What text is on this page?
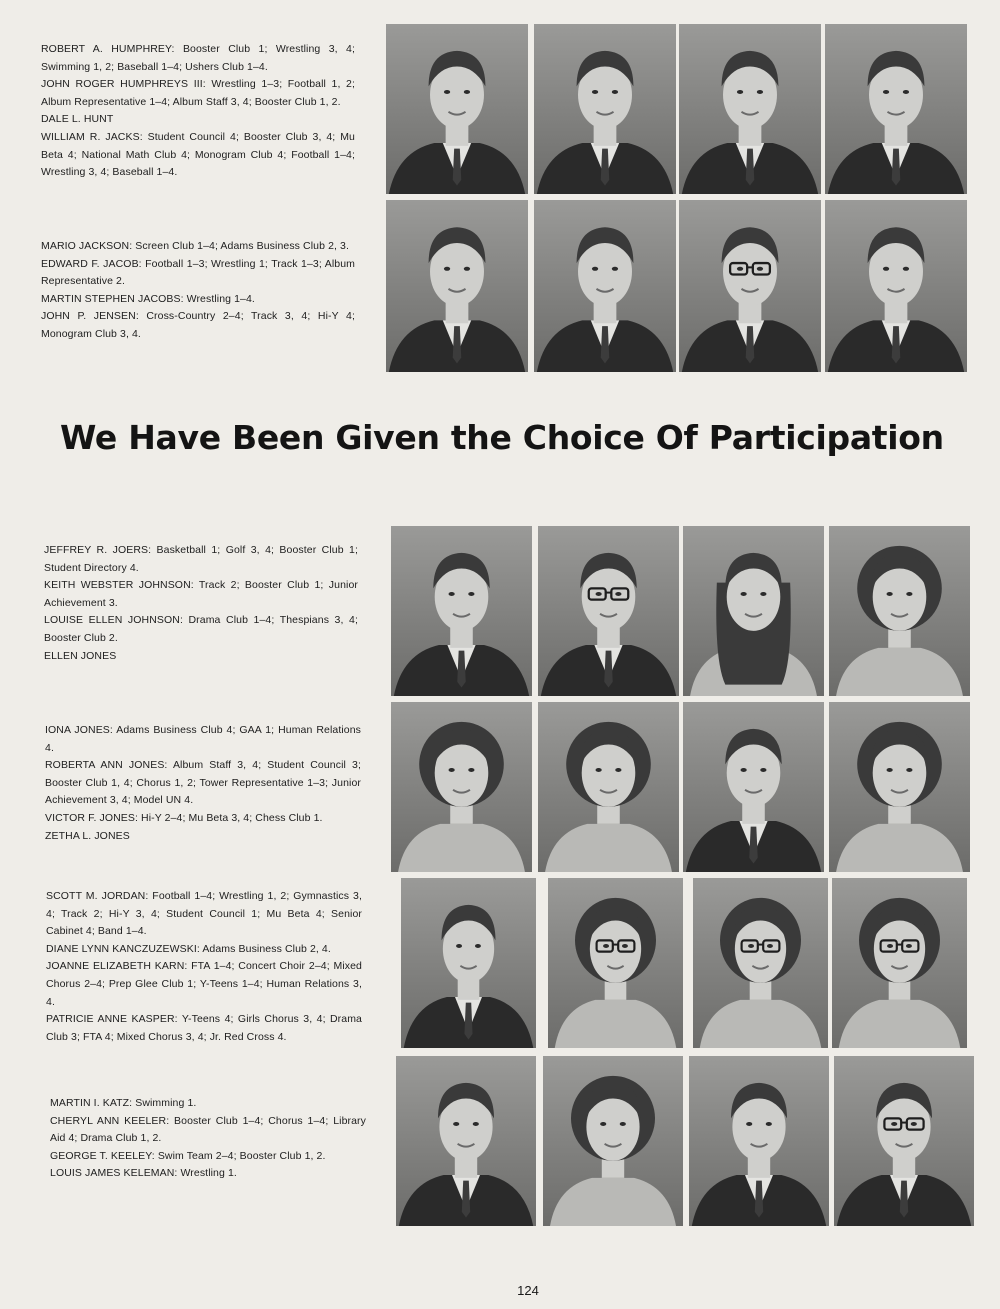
ROBERT A. HUMPHREY: Booster Club 1; Wrestling 3, 4; Swimming 1, 2; Baseball 1–4; Ushers Club 1–4.

JOHN ROGER HUMPHREYS III: Wrestling 1–3; Football 1, 2; Album Representative 1–4; Album Staff 3, 4; Booster Club 1, 2.

DALE L. HUNT

WILLIAM R. JACKS: Student Council 4; Booster Club 3, 4; Mu Beta 4; National Math Club 4; Monogram Club 4; Football 1–4; Wrestling 3, 4; Baseball 1–4.

MARIO JACKSON: Screen Club 1–4; Adams Business Club 2, 3.

EDWARD F. JACOB: Football 1–3; Wrestling 1; Track 1–3; Album Representative 2.

MARTIN STEPHEN JACOBS: Wrestling 1–4.

JOHN P. JENSEN: Cross-Country 2–4; Track 3, 4; Hi-Y 4; Monogram Club 3, 4.

We Have Been Given the Choice Of Participation

JEFFREY R. JOERS: Basketball 1; Golf 3, 4; Booster Club 1; Student Directory 4.

KEITH WEBSTER JOHNSON: Track 2; Booster Club 1; Junior Achievement 3.

LOUISE ELLEN JOHNSON: Drama Club 1–4; Thespians 3, 4; Booster Club 2.

ELLEN JONES

IONA JONES: Adams Business Club 4; GAA 1; Human Relations 4.

ROBERTA ANN JONES: Album Staff 3, 4; Student Council 3; Booster Club 1, 4; Chorus 1, 2; Tower Representative 1–3; Junior Achievement 3, 4; Model UN 4.

VICTOR F. JONES: Hi-Y 2–4; Mu Beta 3, 4; Chess Club 1.

ZETHA L. JONES

SCOTT M. JORDAN: Football 1–4; Wrestling 1, 2; Gymnastics 3, 4; Track 2; Hi-Y 3, 4; Student Council 1; Mu Beta 4; Senior Cabinet 4; Band 1–4.

DIANE LYNN KANCZUZEWSKI: Adams Business Club 2, 4.

JOANNE ELIZABETH KARN: FTA 1–4; Concert Choir 2–4; Mixed Chorus 2–4; Prep Glee Club 1; Y-Teens 1–4; Human Relations 3, 4.

PATRICIE ANNE KASPER: Y-Teens 4; Girls Chorus 3, 4; Drama Club 3; FTA 4; Mixed Chorus 3, 4; Jr. Red Cross 4.

MARTIN I. KATZ: Swimming 1.

CHERYL ANN KEELER: Booster Club 1–4; Chorus 1–4; Library Aid 4; Drama Club 1, 2.

GEORGE T. KEELEY: Swim Team 2–4; Booster Club 1, 2.

LOUIS JAMES KELEMAN: Wrestling 1.

124
